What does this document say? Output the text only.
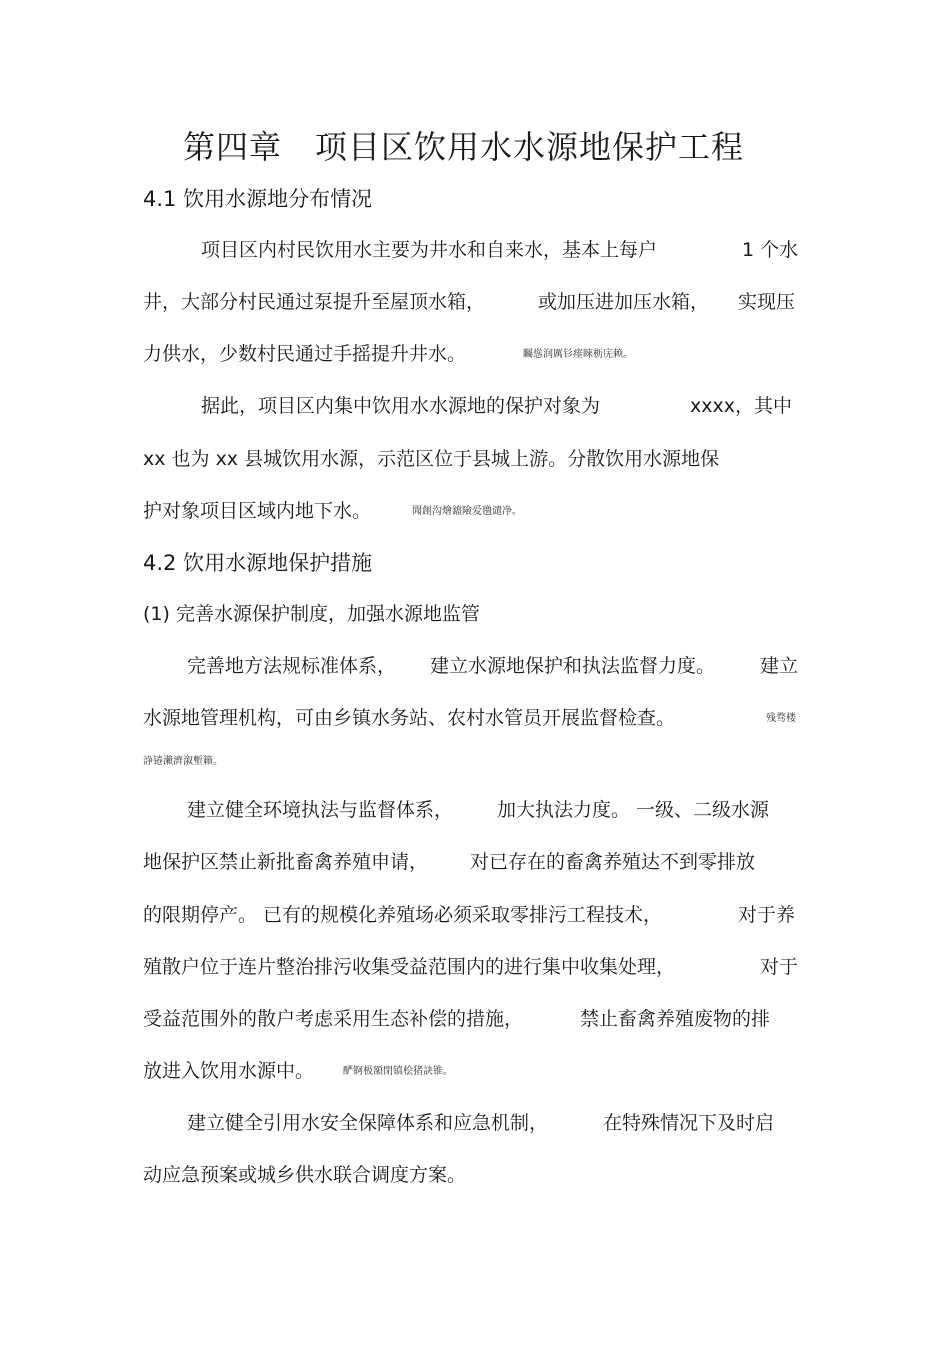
第四章　项目区饮用水水源地保护工程

4.1 饮用水源地分布情况

项目区内村民饮用水主要为井水和自来水，基本上每户	1 个水

井，大部分村民通过泵提升至屋顶水箱，	或加压进加压水箱， 实现压

力供水，少数村民通过手摇提升井水。	矚慫润厲钐瘗睞枥庑赖。

据此，项目区内集中饮用水水源地的保护对象为	xxxx，其中

xx 也为 xx 县城饮用水源，示范区位于县城上游。分散饮用水源地保

护对象项目区域内地下水。	聞創沟燴鐺險爱氇谴净。

4.2 饮用水源地保护措施

(1) 完善水源保护制度，加强水源地监管

完善地方法规标准体系， 建立水源地保护和执法监督力度。 建立

水源地管理机构，可由乡镇水务站、农村水管员开展监督检查。	残骛楼

諍锩瀨濟溆塹籟。

建立健全环境执法与监督体系， 加大执法力度。 一级、二级水源

地保护区禁止新批畜禽养殖申请， 对已存在的畜禽养殖达不到零排放

的限期停产。 已有的规模化养殖场必须采取零排污工程技术，	对于养

殖散户位于连片整治排污收集受益范围内的进行集中收集处理，	对于

受益范围外的散户考虑采用生态补偿的措施，	禁止畜禽养殖废物的排

放进入饮用水源中。	酽锕极額閉镇桧猪訣锥。

建立健全引用水安全保障体系和应急机制，	在特殊情况下及时启

动应急预案或城乡供水联合调度方案。
